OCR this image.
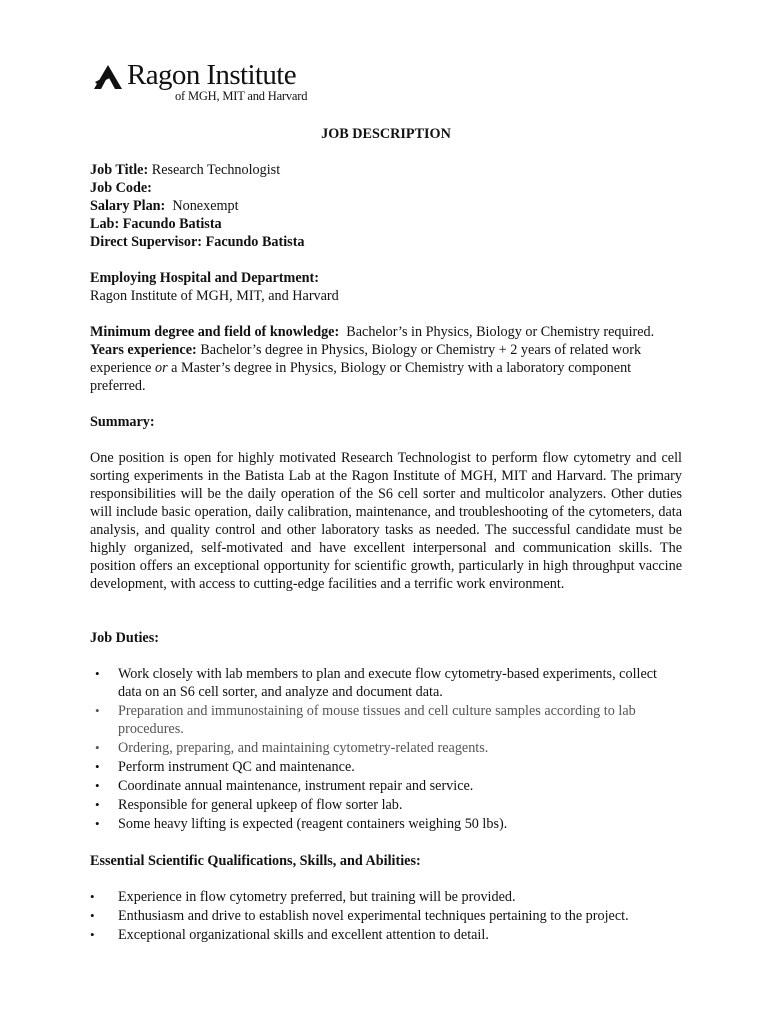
Ragon Institute
of MGH, MIT and Harvard

JOB DESCRIPTION

Job Title: Research Technologist

Job Code:

Salary Plan:  Nonexempt

Lab: Facundo Batista

Direct Supervisor: Facundo Batista

Employing Hospital and Department:

Ragon Institute of MGH, MIT, and Harvard

Minimum degree and field of knowledge:  Bachelor’s in Physics, Biology or Chemistry required.

Years experience: Bachelor’s degree in Physics, Biology or Chemistry + 2 years of related work experience or a Master’s degree in Physics, Biology or Chemistry with a laboratory component preferred.

Summary:

One position is open for highly motivated Research Technologist to perform flow cytometry and cell sorting experiments in the Batista Lab at the Ragon Institute of MGH, MIT and Harvard. The primary responsibilities will be the daily operation of the S6 cell sorter and multicolor analyzers. Other duties will include basic operation, daily calibration, maintenance, and troubleshooting of the cytometers, data analysis, and quality control and other laboratory tasks as needed. The successful candidate must be highly organized, self-motivated and have excellent interpersonal and communication skills. The position offers an exceptional opportunity for scientific growth, particularly in high throughput vaccine development, with access to cutting-edge facilities and a terrific work environment.

Job Duties:

• Work closely with lab members to plan and execute flow cytometry-based experiments, collect data on an S6 cell sorter, and analyze and document data.
• Preparation and immunostaining of mouse tissues and cell culture samples according to lab procedures.
• Ordering, preparing, and maintaining cytometry-related reagents.
• Perform instrument QC and maintenance.
• Coordinate annual maintenance, instrument repair and service.
• Responsible for general upkeep of flow sorter lab.
• Some heavy lifting is expected (reagent containers weighing 50 lbs).

Essential Scientific Qualifications, Skills, and Abilities:

• Experience in flow cytometry preferred, but training will be provided.
• Enthusiasm and drive to establish novel experimental techniques pertaining to the project.
• Exceptional organizational skills and excellent attention to detail.
